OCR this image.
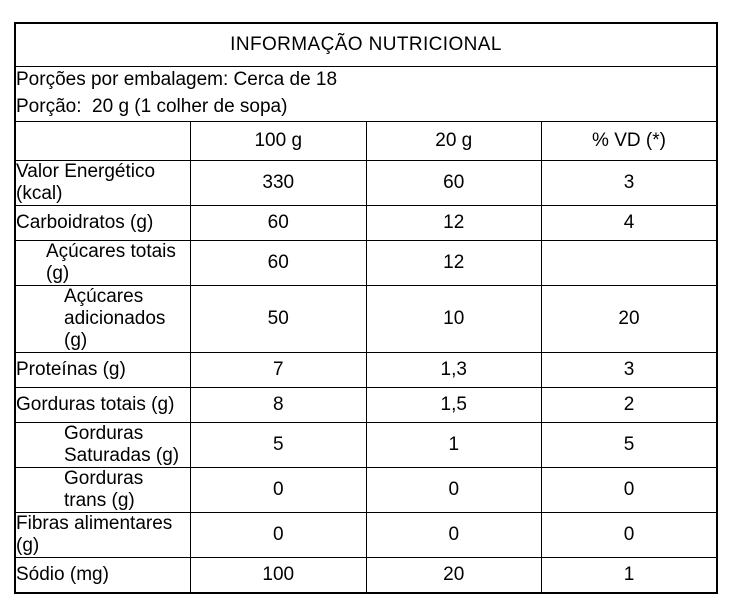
INFORMAÇÃO NUTRICIONAL			

Porções por embalagem: Cerca de 18
Porção:  20 g (1 colher de sopa)			

	100 g	20 g	% VD (*)
Valor Energético (kcal)	330	60	3
Carboidratos (g)	60	12	4
Açúcares totais (g)	60	12	
Açúcares adicionados (g)	50	10	20
Proteínas (g)	7	1,3	3
Gorduras totais (g)	8	1,5	2
Gorduras Saturadas (g)	5	1	5
Gorduras trans (g)	0	0	0
Fibras alimentares (g)	0	0	0
Sódio (mg)	100	20	1
